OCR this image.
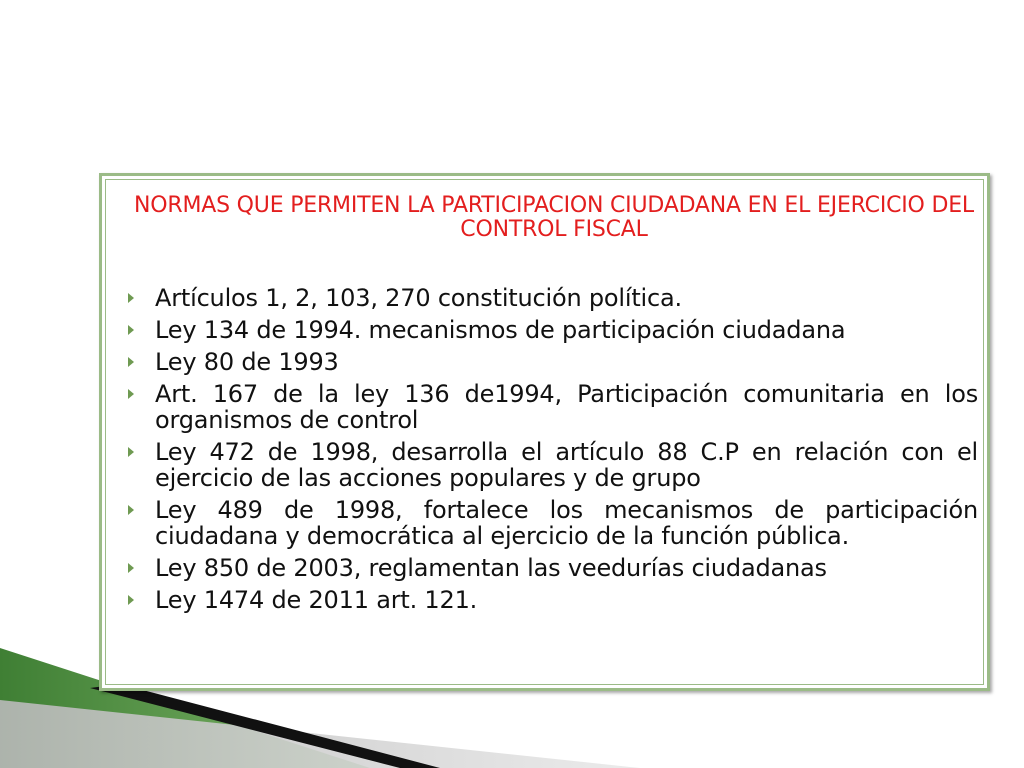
NORMAS QUE PERMITEN LA PARTICIPACION CIUDADANA EN EL EJERCICIO DEL CONTROL FISCAL
Artículos 1, 2, 103, 270 constitución política.
Ley 134 de 1994. mecanismos de participación ciudadana
Ley 80 de 1993
Art. 167 de la ley 136 de1994, Participación comunitaria en los organismos de control
Ley 472 de 1998, desarrolla el artículo 88 C.P en relación con el ejercicio de las acciones populares y de grupo
Ley 489 de 1998, fortalece los mecanismos de participación ciudadana y democrática al ejercicio de la función pública.
Ley 850 de 2003, reglamentan las veedurías ciudadanas
Ley 1474 de 2011 art. 121.
